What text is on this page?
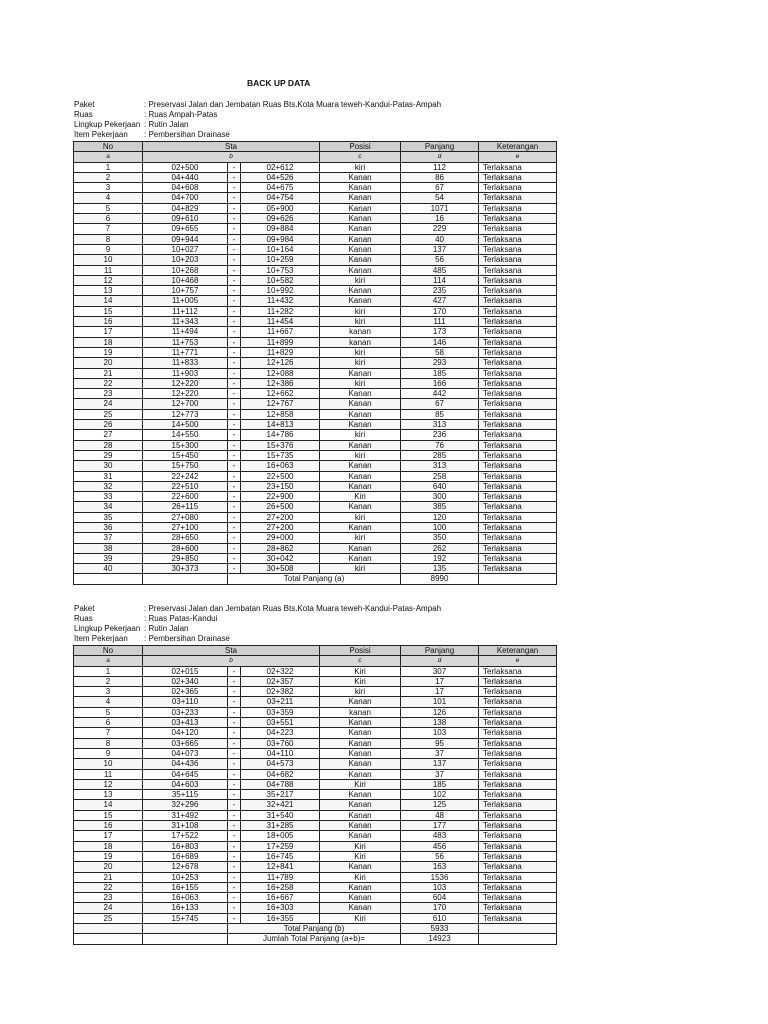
BACK UP DATA
Paket	: Preservasi Jalan dan Jembatan Ruas Bts.Kota Muara teweh-Kandui-Patas-Ampah
Ruas	: Ruas Ampah-Patas
Lingkup Pekerjaan : Rutin Jalan
Item Pekerjaan	: Pembersihan Drainase
No	Sta			Posisi	Panjang	Keterangan
a	b			c	d	e
1	02+500	-	02+612	kiri	112	Terlaksana
2	04+440	-	04+526	Kanan	86	Terlaksana
3	04+608	-	04+675	Kanan	67	Terlaksana
4	04+700	-	04+754	Kanan	54	Terlaksana
5	04+829	-	05+900	Kanan	1071	Terlaksana
6	09+610	-	09+626	Kanan	16	Terlaksana
7	09+655	-	09+884	Kanan	229	Terlaksana
8	09+944	-	09+984	Kanan	40	Terlaksana
9	10+027	-	10+164	Kanan	137	Terlaksana
10	10+203	-	10+259	Kanan	56	Terlaksana
11	10+268	-	10+753	Kanan	485	Terlaksana
12	10+468	-	10+582	kiri	114	Terlaksana
13	10+757	-	10+992	Kanan	235	Terlaksana
14	11+005	-	11+432	Kanan	427	Terlaksana
15	11+112	-	11+282	kiri	170	Terlaksana
16	11+343	-	11+454	kiri	111	Terlaksana
17	11+494	-	11+667	kanan	173	Terlaksana
18	11+753	-	11+899	kanan	146	Terlaksana
19	11+771	-	11+829	kiri	58	Terlaksana
20	11+833	-	12+126	kiri	293	Terlaksana
21	11+903	-	12+088	Kanan	185	Terlaksana
22	12+220	-	12+386	kiri	166	Terlaksana
23	12+220	-	12+662	Kanan	442	Terlaksana
24	12+700	-	12+767	Kanan	67	Terlaksana
25	12+773	-	12+858	Kanan	85	Terlaksana
26	14+500	-	14+813	Kanan	313	Terlaksana
27	14+550	-	14+786	kiri	236	Terlaksana
28	15+300	-	15+376	Kanan	76	Terlaksana
29	15+450	-	15+735	kiri	285	Terlaksana
30	15+750	-	16+063	Kanan	313	Terlaksana
31	22+242	-	22+500	Kanan	258	Terlaksana
32	22+510	-	23+150	Kanan	640	Terlaksana
33	22+600	-	22+900	Kiri	300	Terlaksana
34	26+115	-	26+500	Kanan	385	Terlaksana
35	27+080	-	27+200	kiri	120	Terlaksana
36	27+100	-	27+200	Kanan	100	Terlaksana
37	28+650	-	29+000	kiri	350	Terlaksana
38	28+600	-	28+862	Kanan	262	Terlaksana
39	29+850	-	30+042	Kanan	192	Terlaksana
40	30+373	-	30+508	kiri	135	Terlaksana
		Total Panjang (a)			8990	
Paket	: Preservasi Jalan dan Jembatan Ruas Bts.Kota Muara teweh-Kandui-Patas-Ampah
Ruas	: Ruas Patas-Kandui
Lingkup Pekerjaan : Rutin Jalan
Item Pekerjaan	: Pembersihan Drainase
No	Sta			Posisi	Panjang	Keterangan
a	b			c	d	e
1	02+015	-	02+322	Kiri	307	Terlaksana
2	02+340	-	02+357	Kiri	17	Terlaksana
3	02+365	-	02+382	kiri	17	Terlaksana
4	03+110	-	03+211	Kanan	101	Terlaksana
5	03+233	-	03+359	kanan	126	Terlaksana
6	03+413	-	03+551	Kanan	138	Terlaksana
7	04+120	-	04+223	Kanan	103	Terlaksana
8	03+665	-	03+760	Kanan	95	Terlaksana
9	04+073	-	04+110	Kanan	37	Terlaksana
10	04+436	-	04+573	Kanan	137	Terlaksana
11	04+645	-	04+682	Kanan	37	Terlaksana
12	04+603	-	04+788	Kiri	185	Terlaksana
13	35+115	-	35+217	Kanan	102	Terlaksana
14	32+296	-	32+421	Kanan	125	Terlaksana
15	31+492	-	31+540	Kanan	48	Terlaksana
16	31+108	-	31+285	Kanan	177	Terlaksana
17	17+522	-	18+005	Kanan	483	Terlaksana
18	16+803	-	17+259	Kiri	456	Terlaksana
19	16+689	-	16+745	Kiri	56	Terlaksana
20	12+678	-	12+841	Kanan	163	Terlaksana
21	10+253	-	11+789	Kiri	1536	Terlaksana
22	16+155	-	16+258	Kanan	103	Terlaksana
23	16+063	-	16+667	Kanan	604	Terlaksana
24	16+133	-	16+303	Kanan	170	Terlaksana
25	15+745	-	16+355	Kiri	610	Terlaksana
		Total Panjang (b)			5933	
		Jumlah Total Panjang (a+b)=			14923	
